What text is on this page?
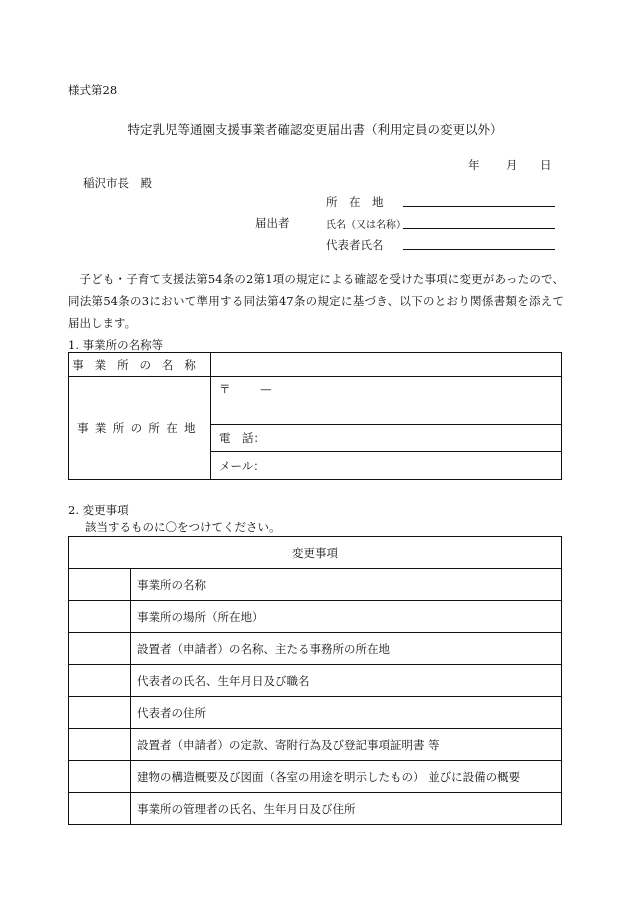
様式第28
特定乳児等通園支援事業者確認変更届出書（利用定員の変更以外）
年 月 日
稲沢市長　殿
所　在　地
届出者	氏名（又は名称）
代表者氏名
子ども・子育て支援法第54条の2第1項の規定による確認を受けた事項に変更があったので、同法第54条の3において準用する同法第47条の規定に基づき、以下のとおり関係書類を添えて届出します。
1. 事業所の名称等
事業所の名称	
事業所の所在地	〒 —
	電　話：
	メール：
2. 変更事項
該当するものに〇をつけてください。
変更事項	
	事業所の名称
	事業所の場所（所在地）
	設置者（申請者）の名称、主たる事務所の所在地
	代表者の氏名、生年月日及び職名
	代表者の住所
	設置者（申請者）の定款、寄附行為及び登記事項証明書 等
	建物の構造概要及び図面（各室の用途を明示したもの） 並びに設備の概要
	事業所の管理者の氏名、生年月日及び住所
